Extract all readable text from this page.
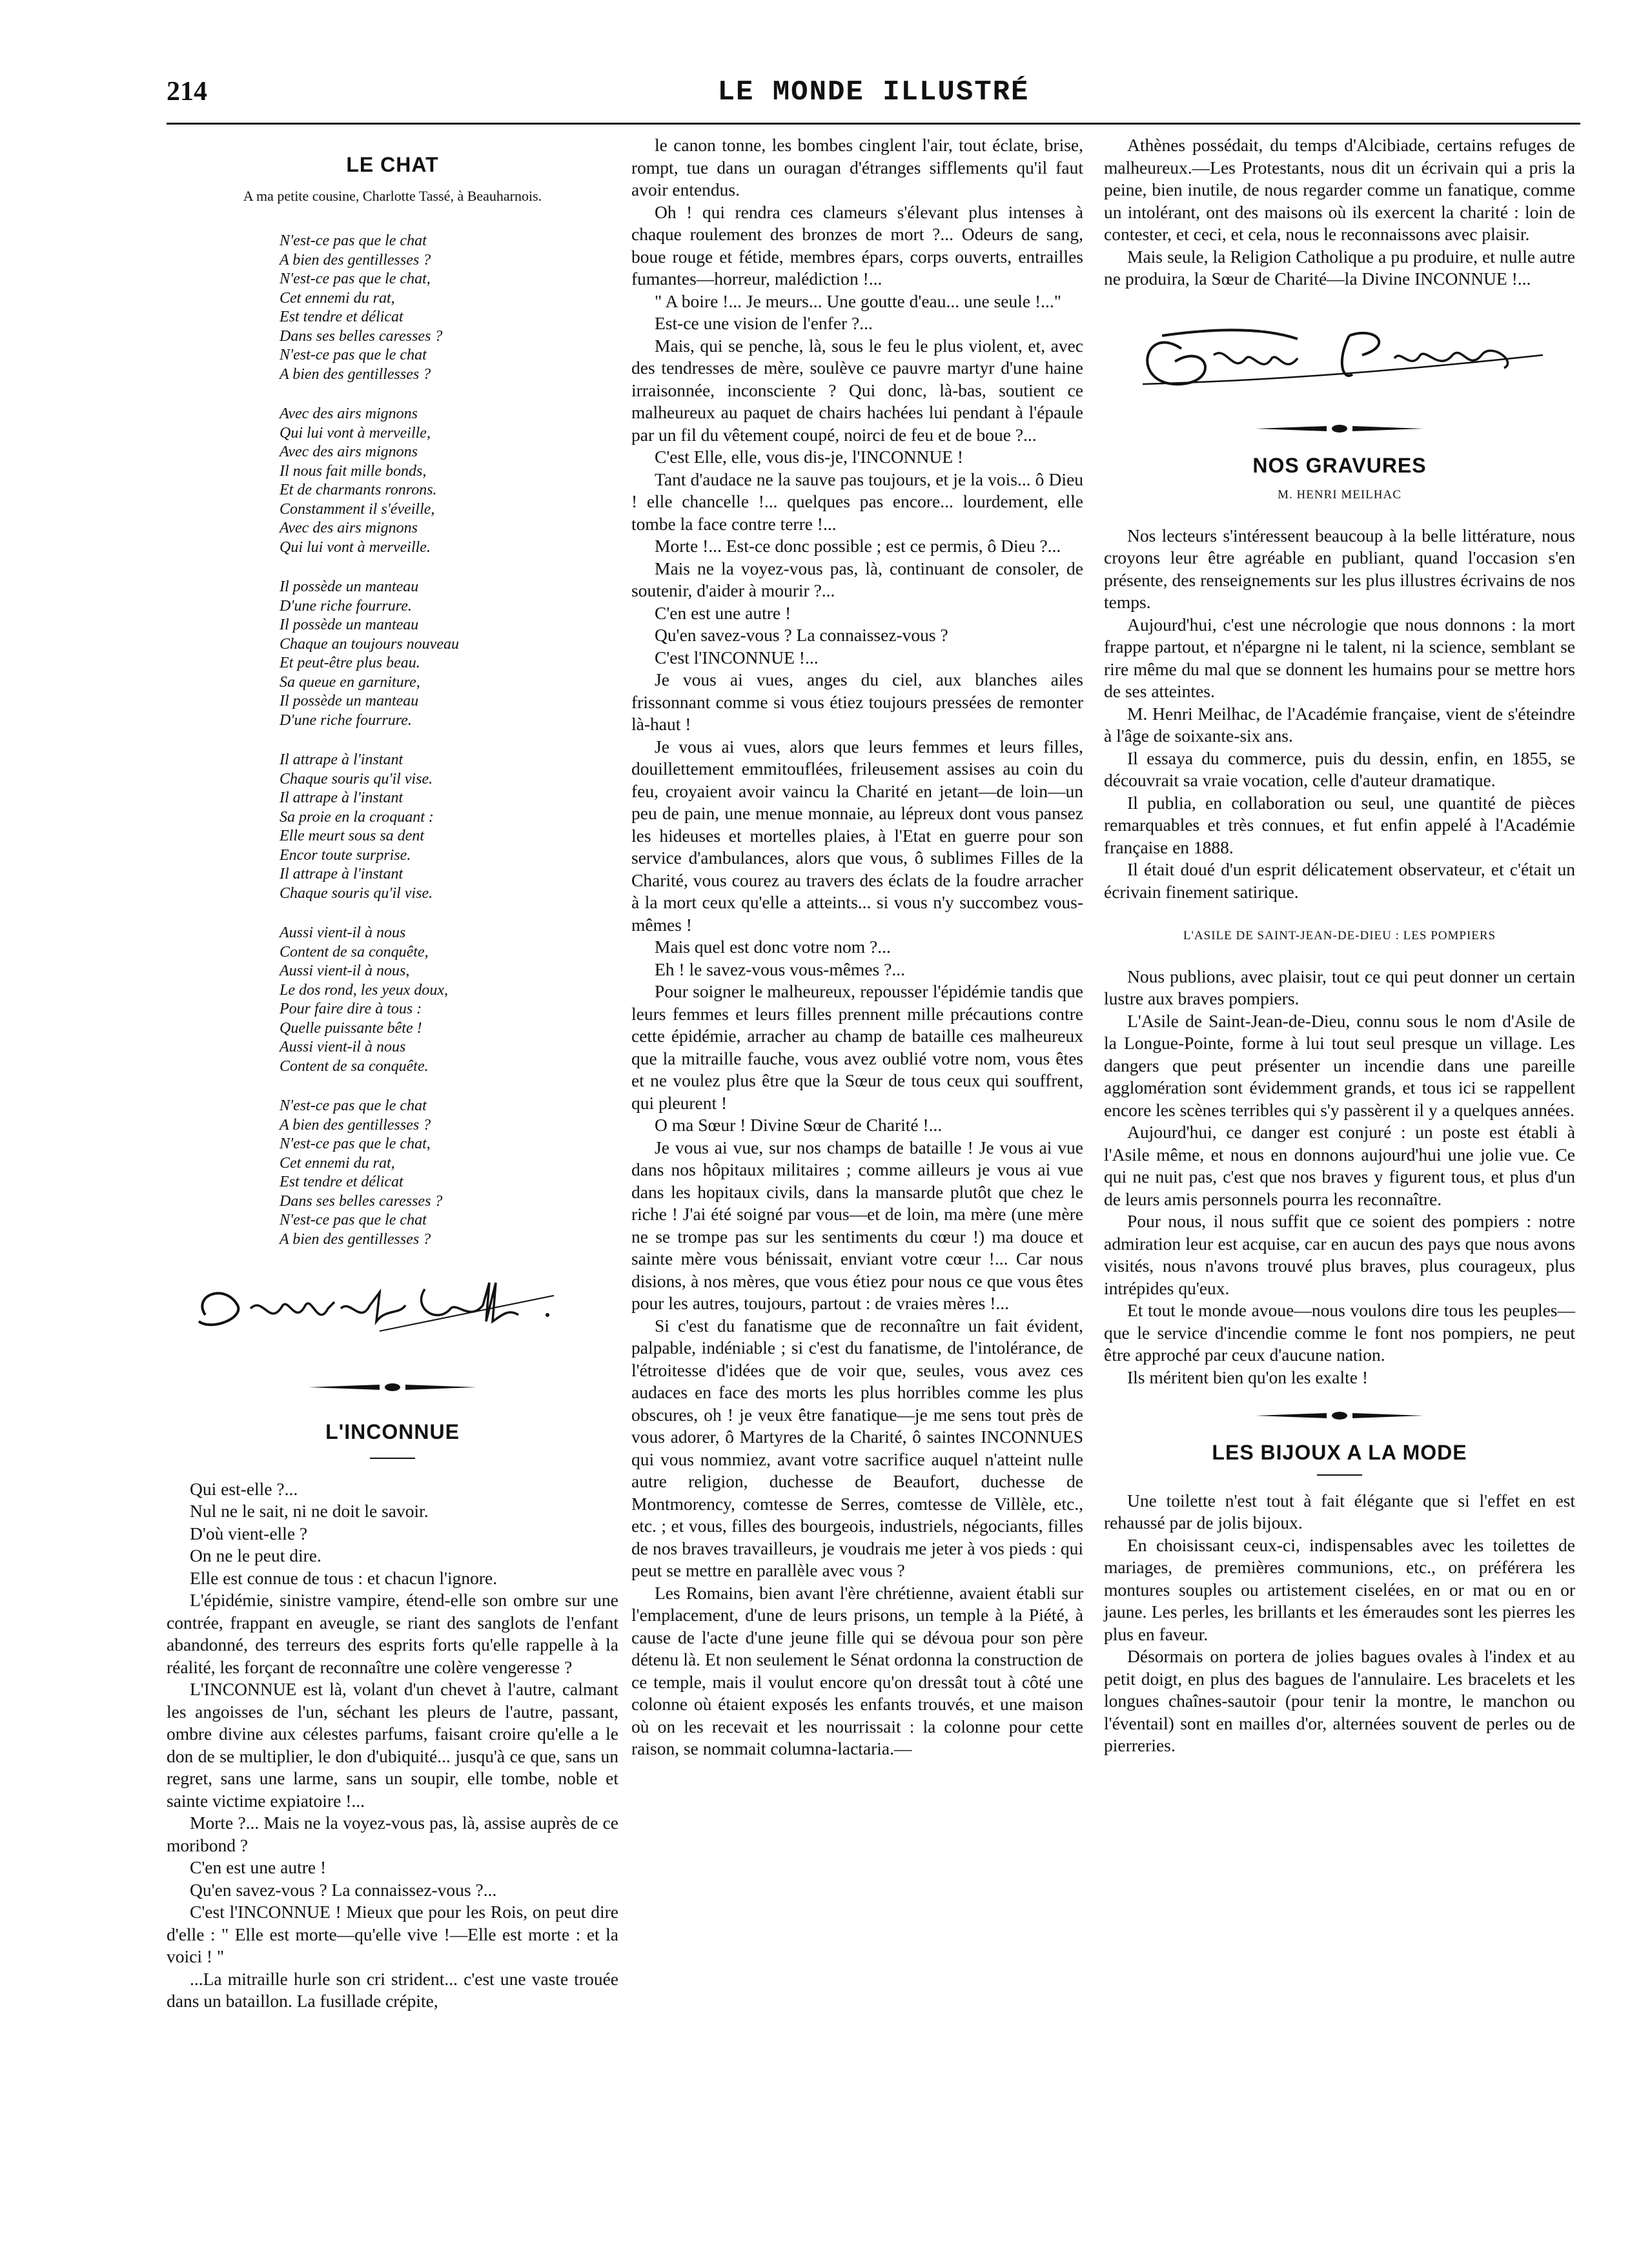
214	LE MONDE ILLUSTRÉ
LE CHAT
A ma petite cousine, Charlotte Tassé, à Beauharnois.
N'est-ce pas que le chat
A bien des gentillesses ?
N'est-ce pas que le chat,
Cet ennemi du rat,
Est tendre et délicat
Dans ses belles caresses ?
N'est-ce pas que le chat
A bien des gentillesses ?
Avec des airs mignons
Qui lui vont à merveille,
Avec des airs mignons
Il nous fait mille bonds,
Et de charmants ronrons.
Constamment il s'éveille,
Avec des airs mignons
Qui lui vont à merveille.
Il possède un manteau
D'une riche fourrure.
Il possède un manteau
Chaque an toujours nouveau
Et peut-être plus beau.
Sa queue en garniture,
Il possède un manteau
D'une riche fourrure.
Il attrape à l'instant
Chaque souris qu'il vise.
Il attrape à l'instant
Sa proie en la croquant :
Elle meurt sous sa dent
Encor toute surprise.
Il attrape à l'instant
Chaque souris qu'il vise.
Aussi vient-il à nous
Content de sa conquête,
Aussi vient-il à nous,
Le dos rond, les yeux doux,
Pour faire dire à tous :
Quelle puissante bête !
Aussi vient-il à nous
Content de sa conquête.
N'est-ce pas que le chat
A bien des gentillesses ?
N'est-ce pas que le chat,
Cet ennemi du rat,
Est tendre et délicat
Dans ses belles caresses ?
N'est-ce pas que le chat
A bien des gentillesses ?
L'INCONNUE

Qui est-elle ?...

Nul ne le sait, ni ne doit le savoir.

D'où vient-elle ?

On ne le peut dire.

Elle est connue de tous : et chacun l'ignore.

L'épidémie, sinistre vampire, étend-elle son ombre sur une contrée, frappant en aveugle, se riant des sanglots de l'enfant abandonné, des terreurs des esprits forts qu'elle rappelle à la réalité, les forçant de reconnaître une colère vengeresse ?

L'INCONNUE est là, volant d'un chevet à l'autre, calmant les angoisses de l'un, séchant les pleurs de l'autre, passant, ombre divine aux célestes parfums, faisant croire qu'elle a le don de se multiplier, le don d'ubiquité... jusqu'à ce que, sans un regret, sans une larme, sans un soupir, elle tombe, noble et sainte victime expiatoire !...

Morte ?... Mais ne la voyez-vous pas, là, assise auprès de ce moribond ?

C'en est une autre !

Qu'en savez-vous ? La connaissez-vous ?...

C'est l'INCONNUE ! Mieux que pour les Rois, on peut dire d'elle : " Elle est morte—qu'elle vive !—Elle est morte : et la voici ! "

...La mitraille hurle son cri strident... c'est une vaste trouée dans un bataillon. La fusillade crépite,

le canon tonne, les bombes cinglent l'air, tout éclate, brise, rompt, tue dans un ouragan d'étranges sifflements qu'il faut avoir entendus.

Oh ! qui rendra ces clameurs s'élevant plus intenses à chaque roulement des bronzes de mort ?... Odeurs de sang, boue rouge et fétide, membres épars, corps ouverts, entrailles fumantes—horreur, malédiction !...

" A boire !... Je meurs... Une goutte d'eau... une seule !..."

Est-ce une vision de l'enfer ?...

Mais, qui se penche, là, sous le feu le plus violent, et, avec des tendresses de mère, soulève ce pauvre martyr d'une haine irraisonnée, inconsciente ? Qui donc, là-bas, soutient ce malheureux au paquet de chairs hachées lui pendant à l'épaule par un fil du vêtement coupé, noirci de feu et de boue ?...

C'est Elle, elle, vous dis-je, l'INCONNUE !

Tant d'audace ne la sauve pas toujours, et je la vois... ô Dieu ! elle chancelle !... quelques pas encore... lourdement, elle tombe la face contre terre !...

Morte !... Est-ce donc possible ; est ce permis, ô Dieu ?...

Mais ne la voyez-vous pas, là, continuant de consoler, de soutenir, d'aider à mourir ?...

C'en est une autre !

Qu'en savez-vous ? La connaissez-vous ?

C'est l'INCONNUE !...

Je vous ai vues, anges du ciel, aux blanches ailes frissonnant comme si vous étiez toujours pressées de remonter là-haut !

Je vous ai vues, alors que leurs femmes et leurs filles, douillettement emmitouflées, frileusement assises au coin du feu, croyaient avoir vaincu la Charité en jetant—de loin—un peu de pain, une menue monnaie, au lépreux dont vous pansez les hideuses et mortelles plaies, à l'Etat en guerre pour son service d'ambulances, alors que vous, ô sublimes Filles de la Charité, vous courez au travers des éclats de la foudre arracher à la mort ceux qu'elle a atteints... si vous n'y succombez vous-mêmes !

Mais quel est donc votre nom ?...

Eh ! le savez-vous vous-mêmes ?...

Pour soigner le malheureux, repousser l'épidémie tandis que leurs femmes et leurs filles prennent mille précautions contre cette épidémie, arracher au champ de bataille ces malheureux que la mitraille fauche, vous avez oublié votre nom, vous êtes et ne voulez plus être que la Sœur de tous ceux qui souffrent, qui pleurent !

O ma Sœur ! Divine Sœur de Charité !...

Je vous ai vue, sur nos champs de bataille ! Je vous ai vue dans nos hôpitaux militaires ; comme ailleurs je vous ai vue dans les hopitaux civils, dans la mansarde plutôt que chez le riche ! J'ai été soigné par vous—et de loin, ma mère (une mère ne se trompe pas sur les sentiments du cœur !) ma douce et sainte mère vous bénissait, enviant votre cœur !... Car nous disions, à nos mères, que vous étiez pour nous ce que vous êtes pour les autres, toujours, partout : de vraies mères !...

Si c'est du fanatisme que de reconnaître un fait évident, palpable, indéniable ; si c'est du fanatisme, de l'intolérance, de l'étroitesse d'idées que de voir que, seules, vous avez ces audaces en face des morts les plus horribles comme les plus obscures, oh ! je veux être fanatique—je me sens tout près de vous adorer, ô Martyres de la Charité, ô saintes INCONNUES qui vous nommiez, avant votre sacrifice auquel n'atteint nulle autre religion, duchesse de Beaufort, duchesse de Montmorency, comtesse de Serres, comtesse de Villèle, etc., etc. ; et vous, filles des bourgeois, industriels, négociants, filles de nos braves travailleurs, je voudrais me jeter à vos pieds : qui peut se mettre en parallèle avec vous ?

Les Romains, bien avant l'ère chrétienne, avaient établi sur l'emplacement, d'une de leurs prisons, un temple à la Piété, à cause de l'acte d'une jeune fille qui se dévoua pour son père détenu là. Et non seulement le Sénat ordonna la construction de ce temple, mais il voulut encore qu'on dressât tout à côté une colonne où étaient exposés les enfants trouvés, et une maison où on les recevait et les nourrissait : la colonne pour cette raison, se nommait columna-lactaria.—

Athènes possédait, du temps d'Alcibiade, certains refuges de malheureux.—Les Protestants, nous dit un écrivain qui a pris la peine, bien inutile, de nous regarder comme un fanatique, comme un intolérant, ont des maisons où ils exercent la charité : loin de contester, et ceci, et cela, nous le reconnaissons avec plaisir.

Mais seule, la Religion Catholique a pu produire, et nulle autre ne produira, la Sœur de Charité—la Divine INCONNUE !...

NOS GRAVURES
M. HENRI MEILHAC

Nos lecteurs s'intéressent beaucoup à la belle littérature, nous croyons leur être agréable en publiant, quand l'occasion s'en présente, des renseignements sur les plus illustres écrivains de nos temps.

Aujourd'hui, c'est une nécrologie que nous donnons : la mort frappe partout, et n'épargne ni le talent, ni la science, semblant se rire même du mal que se donnent les humains pour se mettre hors de ses atteintes.

M. Henri Meilhac, de l'Académie française, vient de s'éteindre à l'âge de soixante-six ans.

Il essaya du commerce, puis du dessin, enfin, en 1855, se découvrait sa vraie vocation, celle d'auteur dramatique.

Il publia, en collaboration ou seul, une quantité de pièces remarquables et très connues, et fut enfin appelé à l'Académie française en 1888.

Il était doué d'un esprit délicatement observateur, et c'était un écrivain finement satirique.

L'ASILE DE SAINT-JEAN-DE-DIEU : LES POMPIERS

Nous publions, avec plaisir, tout ce qui peut donner un certain lustre aux braves pompiers.

L'Asile de Saint-Jean-de-Dieu, connu sous le nom d'Asile de la Longue-Pointe, forme à lui tout seul presque un village. Les dangers que peut présenter un incendie dans une pareille agglomération sont évidemment grands, et tous ici se rappellent encore les scènes terribles qui s'y passèrent il y a quelques années.

Aujourd'hui, ce danger est conjuré : un poste est établi à l'Asile même, et nous en donnons aujourd'hui une jolie vue. Ce qui ne nuit pas, c'est que nos braves y figurent tous, et plus d'un de leurs amis personnels pourra les reconnaître.

Pour nous, il nous suffit que ce soient des pompiers : notre admiration leur est acquise, car en aucun des pays que nous avons visités, nous n'avons trouvé plus braves, plus courageux, plus intrépides qu'eux.

Et tout le monde avoue—nous voulons dire tous les peuples—que le service d'incendie comme le font nos pompiers, ne peut être approché par ceux d'aucune nation.

Ils méritent bien qu'on les exalte !

LES BIJOUX A LA MODE

Une toilette n'est tout à fait élégante que si l'effet en est rehaussé par de jolis bijoux.

En choisissant ceux-ci, indispensables avec les toilettes de mariages, de premières communions, etc., on préférera les montures souples ou artistement ciselées, en or mat ou en or jaune. Les perles, les brillants et les émeraudes sont les pierres les plus en faveur.

Désormais on portera de jolies bagues ovales à l'index et au petit doigt, en plus des bagues de l'annulaire. Les bracelets et les longues chaînes-sautoir (pour tenir la montre, le manchon ou l'éventail) sont en mailles d'or, alternées souvent de perles ou de pierreries.
